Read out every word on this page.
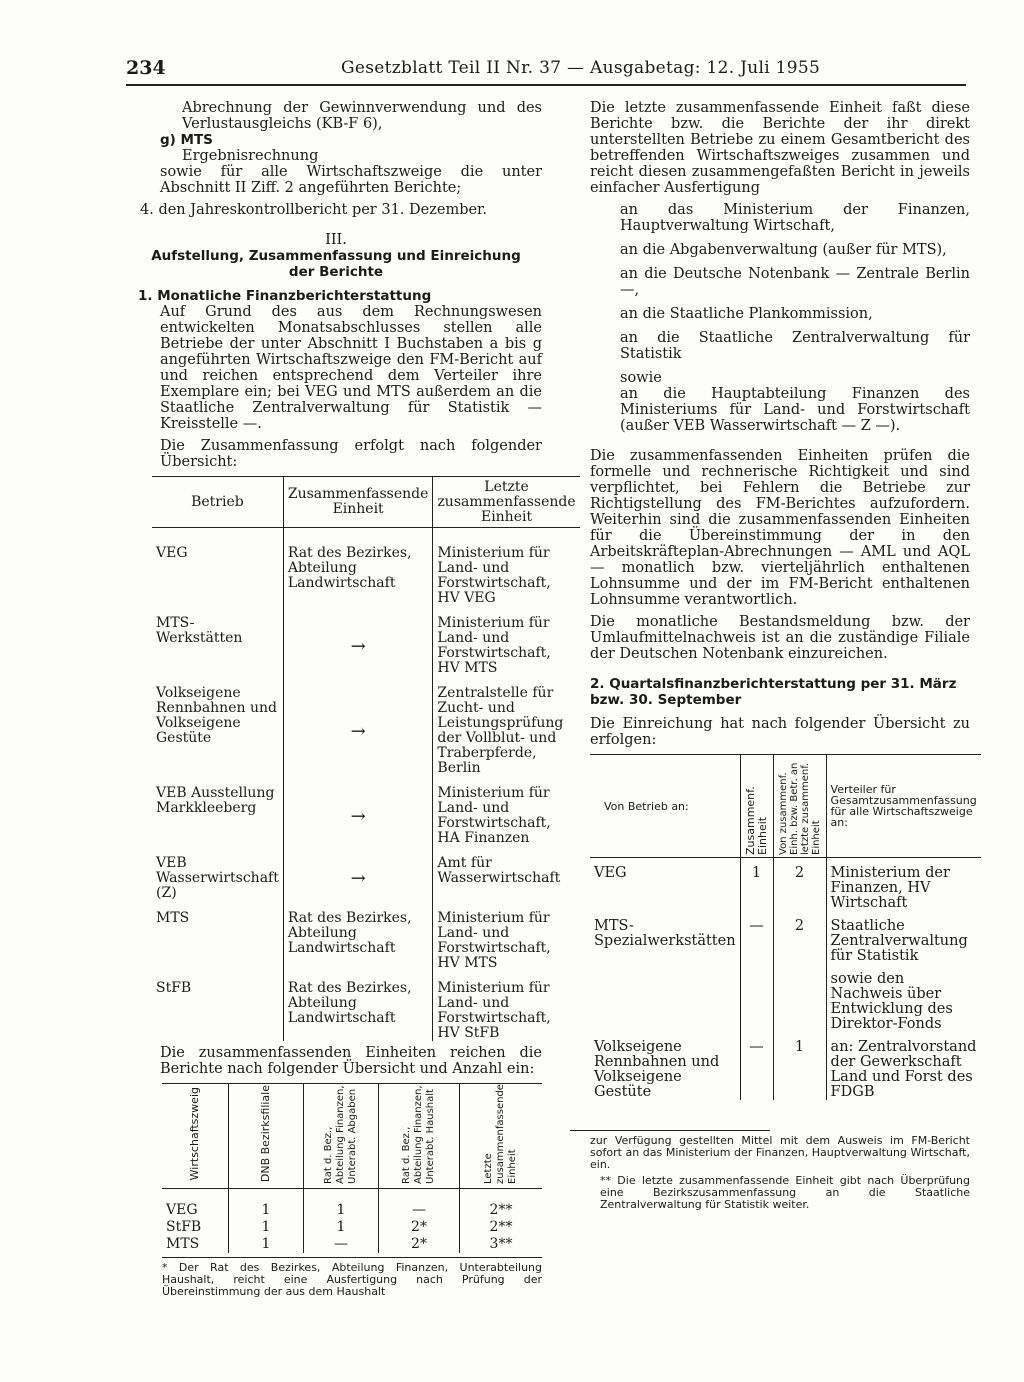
234	Gesetzblatt Teil II Nr. 37 — Ausgabetag: 12. Juli 1955

Abrechnung der Gewinnverwendung und des Verlustausgleichs (KB-F 6),

g) MTS

Ergebnisrechnung

sowie für alle Wirtschaftszweige die unter Abschnitt II Ziff. 2 angeführten Berichte;

4. den Jahreskontrollbericht per 31. Dezember.

III.

Aufstellung, Zusammenfassung und Einreichung der Berichte

1. Monatliche Finanzberichterstattung

Auf Grund des aus dem Rechnungswesen entwickelten Monatsabschlusses stellen alle Betriebe der unter Abschnitt I Buchstaben a bis g angeführten Wirtschaftszweige den FM-Bericht auf und reichen entsprechend dem Verteiler ihre Exemplare ein; bei VEG und MTS außerdem an die Staatliche Zentralverwaltung für Statistik — Kreisstelle —.

Die Zusammenfassung erfolgt nach folgender Übersicht:

Betrieb	Zusammenfassende Einheit	Letzte zusammenfassende Einheit
VEG	Rat des Bezirkes, Abteilung Landwirtschaft	Ministerium für Land- und Forstwirtschaft, HV VEG
MTS-Werkstätten	→	Ministerium für Land- und Forstwirtschaft, HV MTS
Volkseigene Rennbahnen und Volkseigene Gestüte	→	Zentralstelle für Zucht- und Leistungsprüfung der Vollblut- und Traberpferde, Berlin
VEB Ausstellung Markkleeberg	→	Ministerium für Land- und Forstwirtschaft, HA Finanzen
VEB Wasserwirtschaft (Z)	→	Amt für Wasserwirtschaft
MTS	Rat des Bezirkes, Abteilung Landwirtschaft	Ministerium für Land- und Forstwirtschaft, HV MTS
StFB	Rat des Bezirkes, Abteilung Landwirtschaft	Ministerium für Land- und Forstwirtschaft, HV StFB

Die zusammenfassenden Einheiten reichen die Berichte nach folgender Übersicht und Anzahl ein:

Wirtschaftszweig	DNB Bezirksfiliale	Rat d. Bez., Abteilung Finanzen, Unterabt. Abgaben	Rat d. Bez., Abteilung Finanzen, Unterabt. Haushalt	Letzte zusammenfassende Einheit
VEG	1	1	—	2**
StFB	1	1	2*	2**
MTS	1	—	2*	3**

* Der Rat des Bezirkes, Abteilung Finanzen, Unterabteilung Haushalt, reicht eine Ausfertigung nach Prüfung der Übereinstimmung der aus dem Haushalt

Die letzte zusammenfassende Einheit faßt diese Berichte bzw. die Berichte der ihr direkt unterstellten Betriebe zu einem Gesamtbericht des betreffenden Wirtschaftszweiges zusammen und reicht diesen zusammengefaßten Bericht in jeweils einfacher Ausfertigung

an das Ministerium der Finanzen, Hauptverwaltung Wirtschaft,

an die Abgabenverwaltung (außer für MTS),

an die Deutsche Notenbank — Zentrale Berlin —,

an die Staatliche Plankommission,

an die Staatliche Zentralverwaltung für Statistik

sowie

an die Hauptabteilung Finanzen des Ministeriums für Land- und Forstwirtschaft (außer VEB Wasserwirtschaft — Z —).

Die zusammenfassenden Einheiten prüfen die formelle und rechnerische Richtigkeit und sind verpflichtet, bei Fehlern die Betriebe zur Richtigstellung des FM-Berichtes aufzufordern. Weiterhin sind die zusammenfassenden Einheiten für die Übereinstimmung der in den Arbeitskräfteplan-Abrechnungen — AML und AQL — monatlich bzw. vierteljährlich enthaltenen Lohnsumme und der im FM-Bericht enthaltenen Lohnsumme verantwortlich.

Die monatliche Bestandsmeldung bzw. der Umlaufmittelnachweis ist an die zuständige Filiale der Deutschen Notenbank einzureichen.

2. Quartalsfinanzberichterstattung per 31. März bzw. 30. September

Die Einreichung hat nach folgender Übersicht zu erfolgen:

Von Betrieb an:	Zusammenf. Einheit	Von zusammenf. Einh. bzw. Betr. an letzte zusammenf. Einheit	Verteiler für Gesamtzusammenfassung für alle Wirtschaftszweige an:
VEG	1	2	Ministerium der Finanzen, HV Wirtschaft
MTS-Spezialwerkstätten	—	2	Staatliche Zentralverwaltung für Statistik
			sowie den Nachweis über Entwicklung des Direktor-Fonds
Volkseigene Rennbahnen und Volkseigene Gestüte	—	1	an: Zentralvorstand der Gewerkschaft Land und Forst des FDGB

zur Verfügung gestellten Mittel mit dem Ausweis im FM-Bericht sofort an das Ministerium der Finanzen, Hauptverwaltung Wirtschaft, ein.

** Die letzte zusammenfassende Einheit gibt nach Überprüfung eine Bezirkszusammenfassung an die Staatliche Zentralverwaltung für Statistik weiter.
